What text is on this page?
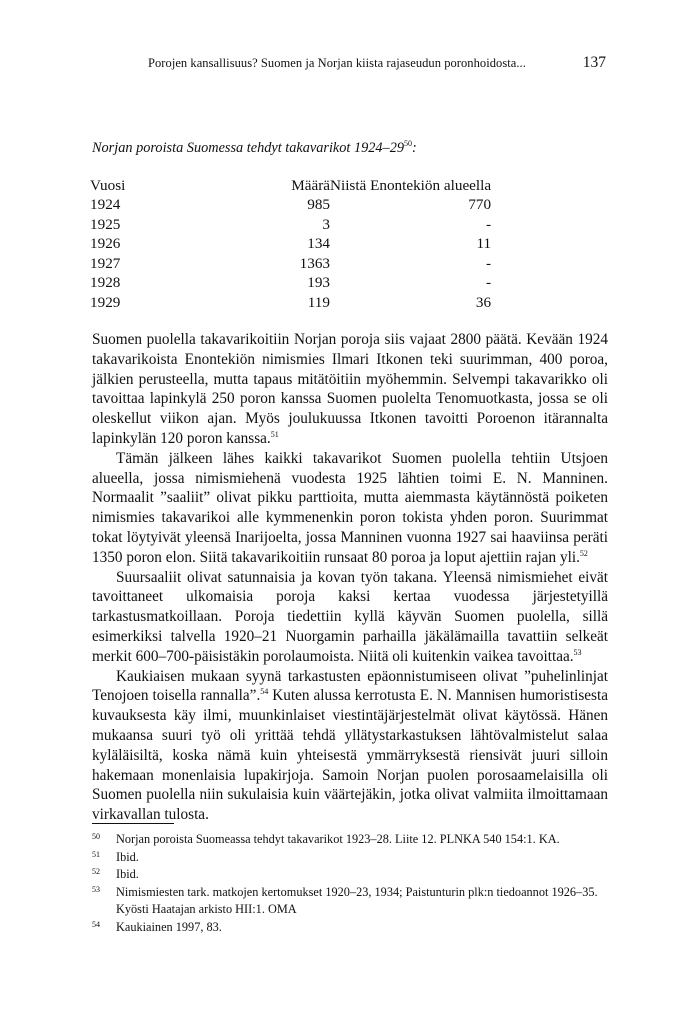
Porojen kansallisuus? Suomen ja Norjan kiista rajaseudun poronhoidosta...	137
Norjan poroista Suomessa tehdyt takavarikot $1924-29^{50}$:
Vuosi	Määrä	Niistä Enontekiön alueella
1924	985	770
1925	3	-
1926	134	11
1927	1363	-
1928	193	-
1929	119	36

Suomen puolella takavarikoitiin Norjan poroja siis vajaat 2800 päätä. Kevään 1924 takavarikoista Enontekiön nimismies Ilmari Itkonen teki suurimman, 400 poroa, jälkien perusteella, mutta tapaus mitätöitiin myöhemmin. Selvempi takavarikko oli tavoittaa lapinkylä 250 poron kanssa Suomen puolelta Tenomuotkasta, jossa se oli oleskellut viikon ajan. Myös joulukuussa Itkonen tavoitti Poroenon itärannalta lapinkylän 120 poron kanssa.$^{51}$

Tämän jälkeen lähes kaikki takavarikot Suomen puolella tehtiin Utsjoen alueella, jossa nimismiehenä vuodesta 1925 lähtien toimi E. N. Manninen. Normaalit ”saaliit” olivat pikku parttioita, mutta aiemmasta käytännöstä poiketen nimismies takavarikoi alle kymmenenkin poron tokista yhden poron. Suurimmat tokat löytyivät yleensä Inarijoelta, jossa Manninen vuonna 1927 sai haaviinsa peräti 1350 poron elon. Siitä takavarikoitiin runsaat 80 poroa ja loput ajettiin rajan yli.$^{52}$

Suursaaliit olivat satunnaisia ja kovan työn takana. Yleensä nimismiehet eivät tavoittaneet ulkomaisia poroja kaksi kertaa vuodessa järjestetyillä tarkastusmatkoillaan. Poroja tiedettiin kyllä käyvän Suomen puolella, sillä esimerkiksi talvella 1920–21 Nuorgamin parhailla jäkälämailla tavattiin selkeät merkit 600–700-päisistäkin porolaumoista. Niitä oli kuitenkin vaikea tavoittaa.$^{53}$

Kaukiaisen mukaan syynä tarkastusten epäonnistumiseen olivat ”puhelinlinjat Tenojoen toisella rannalla”.$^{54}$ Kuten alussa kerrotusta E. N. Mannisen humoristisesta kuvauksesta käy ilmi, muunkinlaiset viestintäjärjestelmät olivat käytössä. Hänen mukaansa suuri työ oli yrittää tehdä yllätystarkastuksen lähtövalmistelut salaa kyläläisiltä, koska nämä kuin yhteisestä ymmärryksestä riensivät juuri silloin hakemaan monenlaisia lupakirjoja. Samoin Norjan puolen porosaamelaisilla oli Suomen puolella niin sukulaisia kuin väärtejäkin, jotka olivat valmiita ilmoittamaan virkavallan tulosta.

50	Norjan poroista Suomeassa tehdyt takavarikot 1923–28. Liite 12. PLNKA 540 154:1. KA.
51	Ibid.
52	Ibid.
53	Nimismiesten tark. matkojen kertomukset 1920–23, 1934; Paistunturin plk:n tiedoannot 1926–35. Kyösti Haatajan arkisto HII:1. OMA
54	Kaukiainen 1997, 83.
